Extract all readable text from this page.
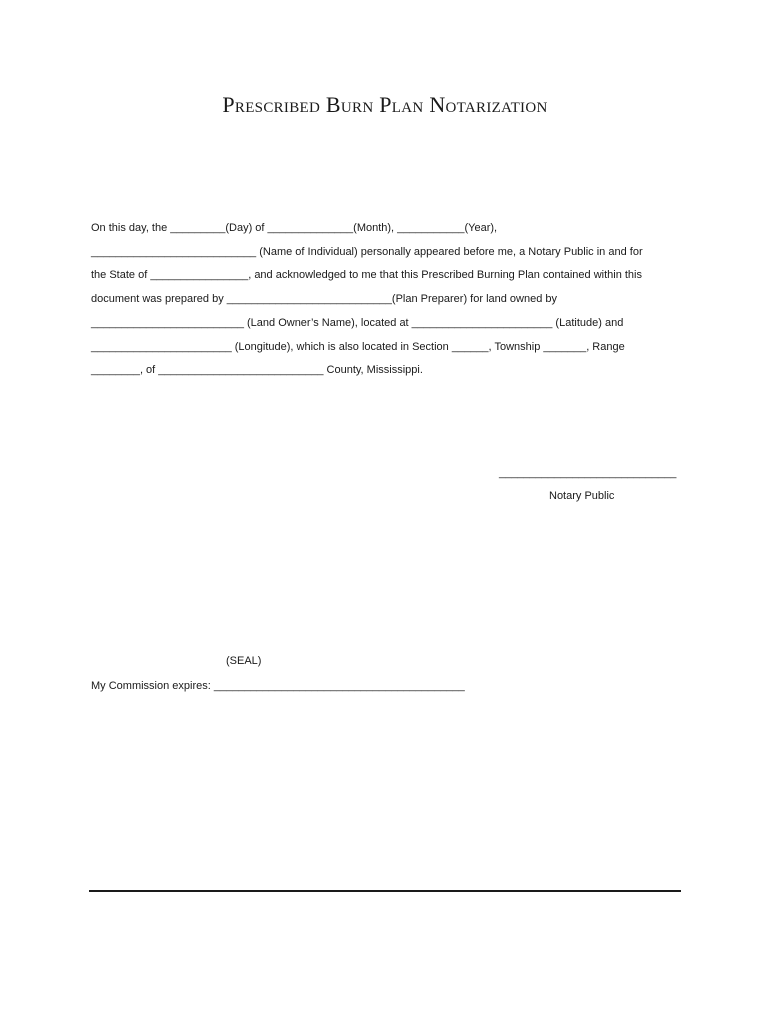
Prescribed Burn Plan Notarization
On this day, the _________(Day) of ______________(Month), ___________(Year),
___________________________ (Name of Individual) personally appeared before me, a Notary Public in and for
the State of ________________, and acknowledged to me that this Prescribed Burning Plan contained within this
document was prepared by ___________________________(Plan Preparer) for land owned by
_________________________ (Land Owner’s Name), located at _______________________ (Latitude) and
_______________________ (Longitude), which is also located in Section ______, Township _______, Range
________, of ___________________________ County, Mississippi.
_____________________________
Notary Public
(SEAL)
My Commission expires: _________________________________________
